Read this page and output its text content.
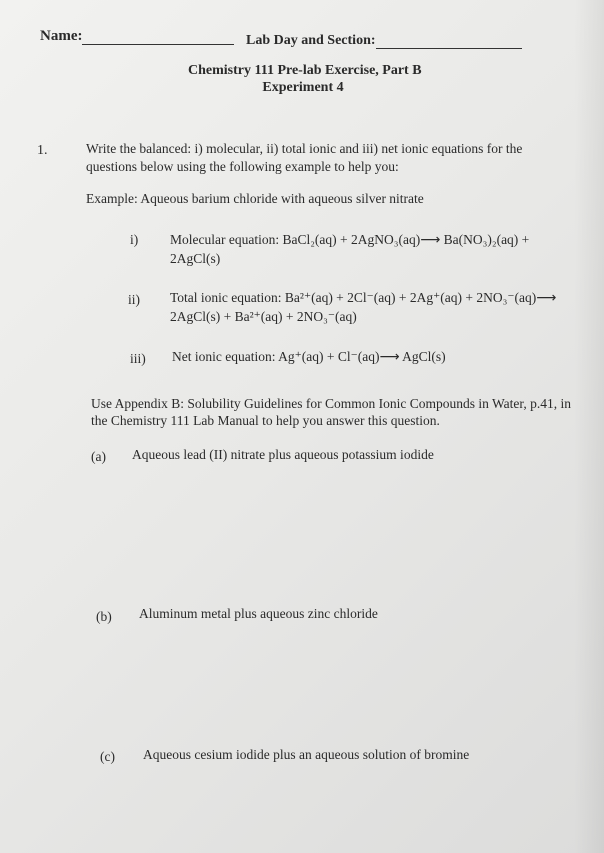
Name:	Lab Day and Section:
Chemistry 111 Pre-lab Exercise, Part B
Experiment 4
1.	Write the balanced: i) molecular, ii) total ionic and iii) net ionic equations for the
questions below using the following example to help you:
Example: Aqueous barium chloride with aqueous silver nitrate
i) Molecular equation: BaCl₂(aq) + 2AgNO₃(aq)⟶ Ba(NO₃)₂(aq) +
2AgCl(s)
ii) Total ionic equation: Ba²⁺(aq) + 2Cl⁻(aq) + 2Ag⁺(aq) + 2NO₃⁻(aq)⟶
2AgCl(s) + Ba²⁺(aq) + 2NO₃⁻(aq)
iii) Net ionic equation: Ag⁺(aq) + Cl⁻(aq)⟶ AgCl(s)
Use Appendix B: Solubility Guidelines for Common Ionic Compounds in Water, p.41, in
the Chemistry 111 Lab Manual to help you answer this question.
(a) Aqueous lead (II) nitrate plus aqueous potassium iodide
(b) Aluminum metal plus aqueous zinc chloride
(c) Aqueous cesium iodide plus an aqueous solution of bromine
